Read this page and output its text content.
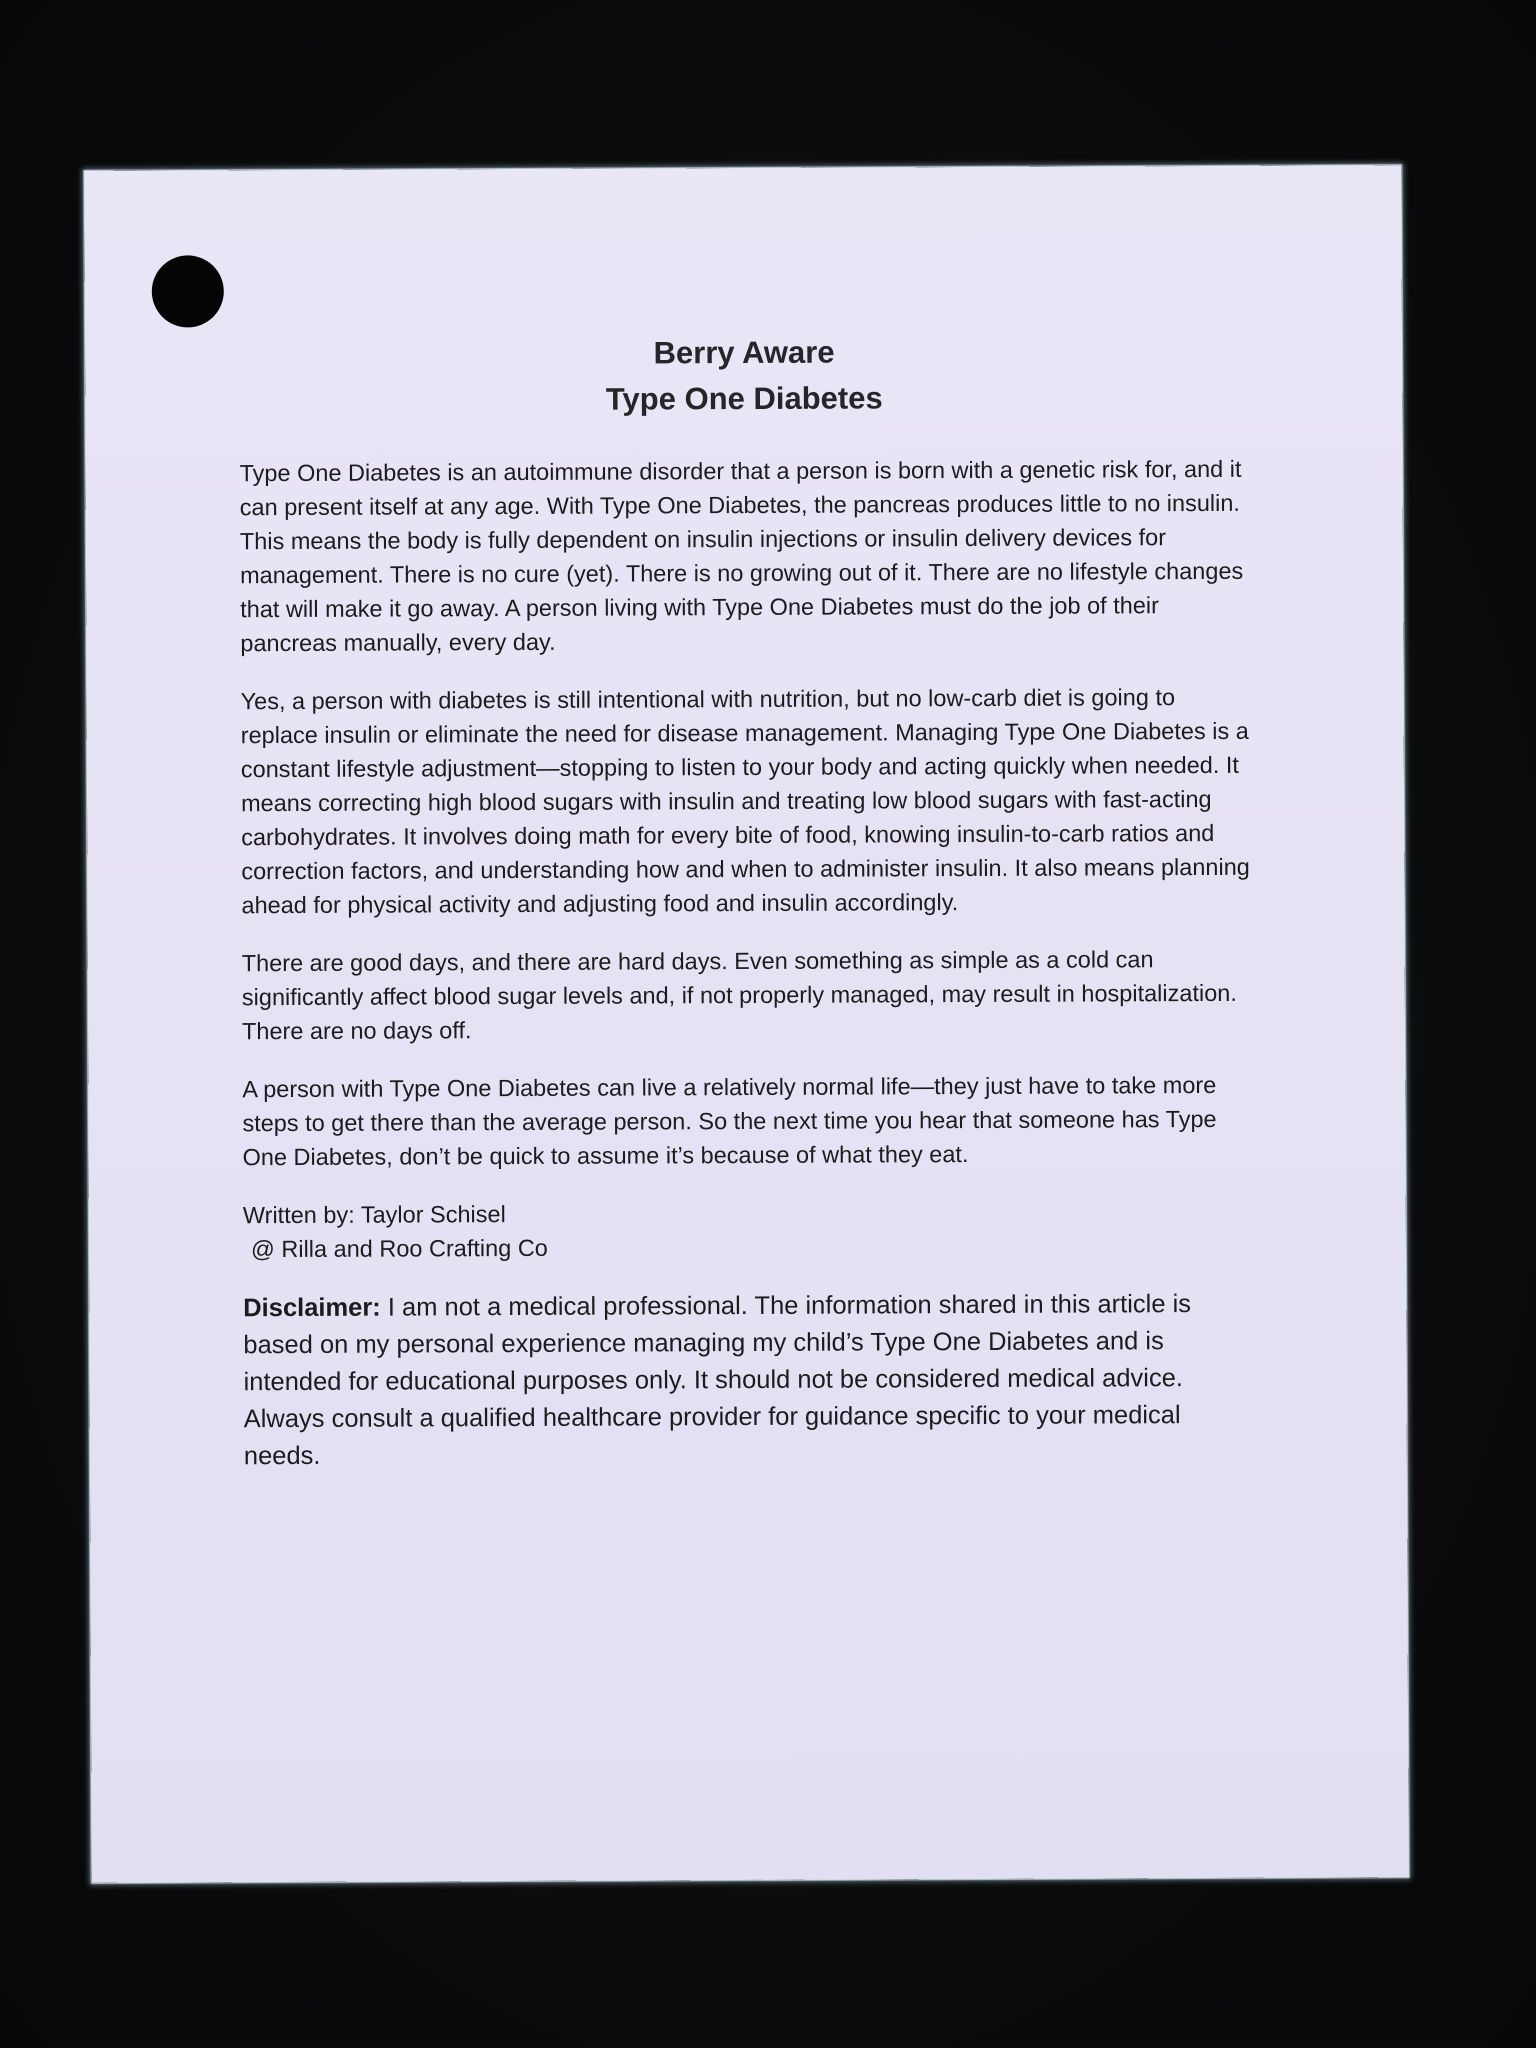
Berry Aware
Type One Diabetes

Type One Diabetes is an autoimmune disorder that a person is born with a genetic risk for, and it can present itself at any age. With Type One Diabetes, the pancreas produces little to no insulin. This means the body is fully dependent on insulin injections or insulin delivery devices for management. There is no cure (yet). There is no growing out of it. There are no lifestyle changes that will make it go away. A person living with Type One Diabetes must do the job of their pancreas manually, every day.

Yes, a person with diabetes is still intentional with nutrition, but no low-carb diet is going to replace insulin or eliminate the need for disease management. Managing Type One Diabetes is a constant lifestyle adjustment—stopping to listen to your body and acting quickly when needed. It means correcting high blood sugars with insulin and treating low blood sugars with fast-acting carbohydrates. It involves doing math for every bite of food, knowing insulin-to-carb ratios and correction factors, and understanding how and when to administer insulin. It also means planning ahead for physical activity and adjusting food and insulin accordingly.

There are good days, and there are hard days. Even something as simple as a cold can significantly affect blood sugar levels and, if not properly managed, may result in hospitalization. There are no days off.

A person with Type One Diabetes can live a relatively normal life—they just have to take more steps to get there than the average person. So the next time you hear that someone has Type One Diabetes, don’t be quick to assume it’s because of what they eat.

Written by: Taylor Schisel
@ Rilla and Roo Crafting Co

Disclaimer: I am not a medical professional. The information shared in this article is based on my personal experience managing my child’s Type One Diabetes and is intended for educational purposes only. It should not be considered medical advice. Always consult a qualified healthcare provider for guidance specific to your medical needs.
